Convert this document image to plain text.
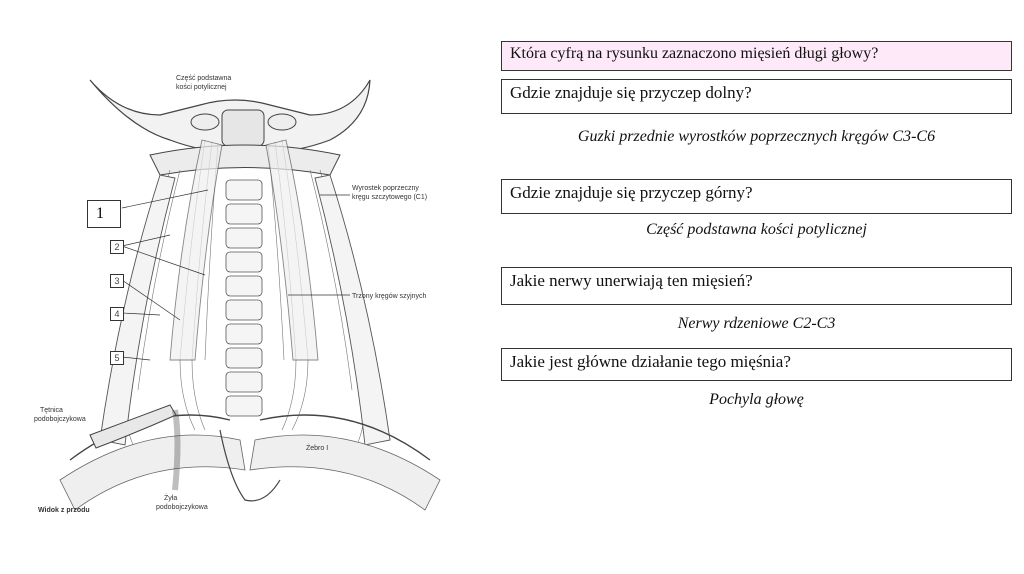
Część podstawna kości potylicznej
Wyrostek poprzeczny kręgu szczytowego (C1)
Trzony kręgów szyjnych
Tętnica podobojczykowa
Żyła podobojczykowa
Żebro I
Widok z przodu
1
2
3
4
5
Która cyfrą na rysunku zaznaczono mięsień długi głowy?
Gdzie znajduje się przyczep dolny?
Guzki przednie wyrostków poprzecznych kręgów C3-C6
Gdzie znajduje się przyczep górny?
Część podstawna kości potylicznej
Jakie nerwy unerwiają ten mięsień?
Nerwy rdzeniowe C2-C3
Jakie jest główne działanie tego mięśnia?
Pochyla głowę
